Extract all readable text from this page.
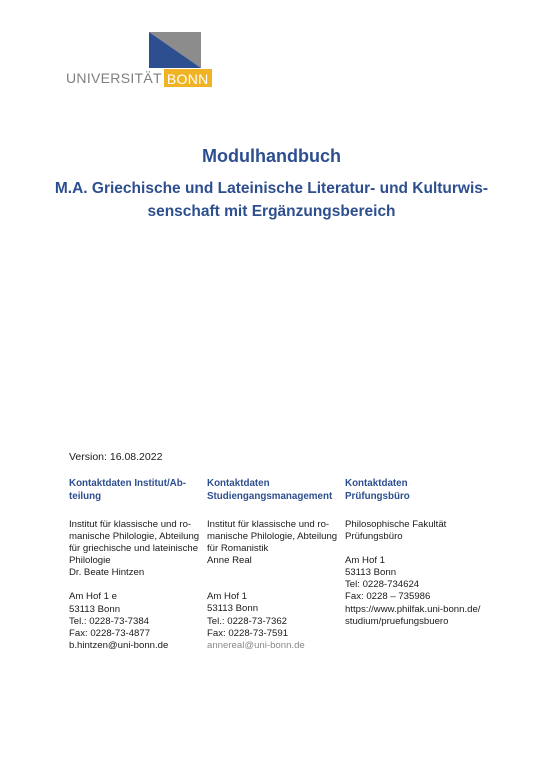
UNIVERSITÄT BONN
Modulhandbuch
M.A. Griechische und Lateinische Literatur- und Kulturwis-
senschaft mit Ergänzungsbereich
Version: 16.08.2022
Kontaktdaten Institut/Ab-
teilung
Institut für klassische und ro-
manische Philologie, Abteilung
für griechische und lateinische
Philologie
Dr. Beate Hintzen
Am Hof 1 e
53113 Bonn
Tel.: 0228-73-7384
Fax: 0228-73-4877
b.hintzen@uni-bonn.de
Kontaktdaten
Studiengangsmanagement
Institut für klassische und ro-
manische Philologie, Abteilung
für Romanistik
Anne Real
Am Hof 1
53113 Bonn
Tel.: 0228-73-7362
Fax: 0228-73-7591
annereal@uni-bonn.de
Kontaktdaten
Prüfungsbüro
Philosophische Fakultät
Prüfungsbüro
Am Hof 1
53113 Bonn
Tel: 0228-734624
Fax: 0228 – 735986
https://www.philfak.uni-bonn.de/
studium/pruefungsbuero
